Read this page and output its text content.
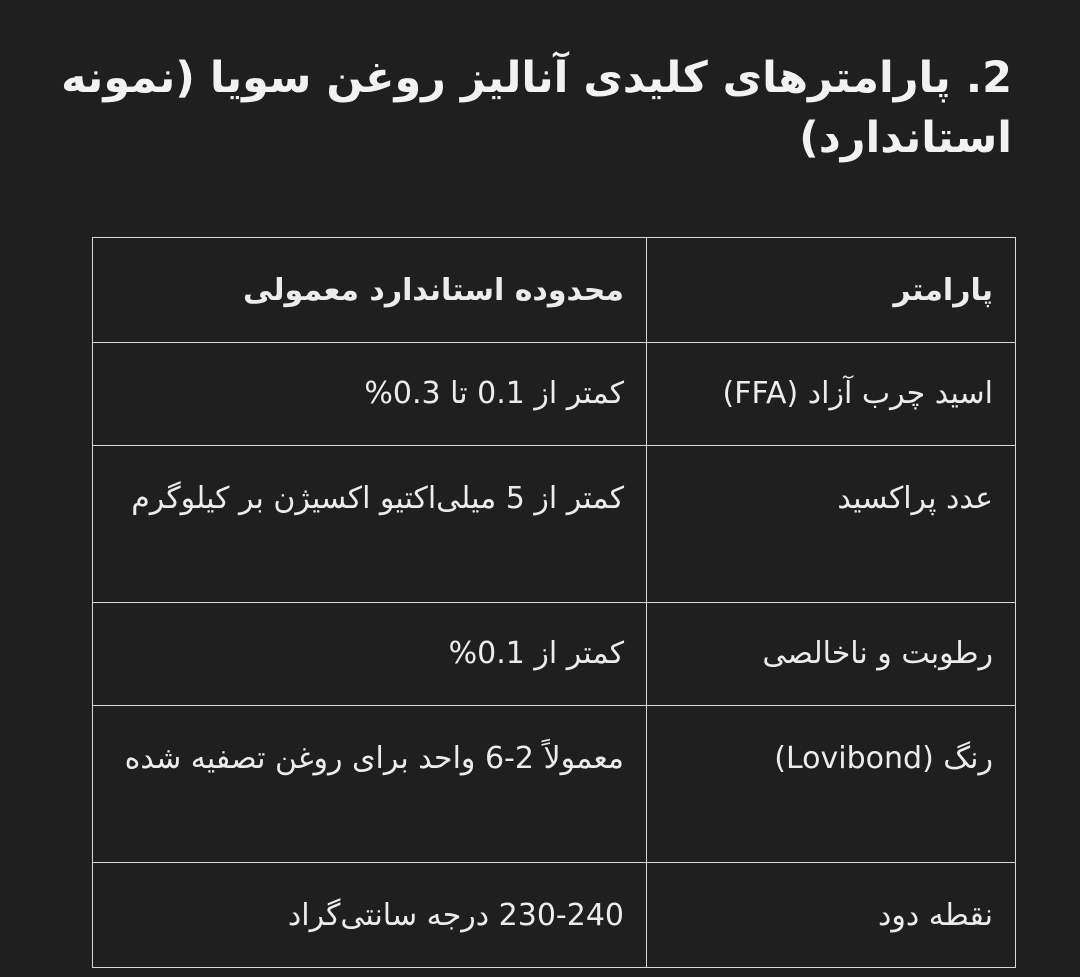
2. پارامترهای کلیدی آنالیز روغن سویا (نمونه استاندارد)
پارامتر	محدوده استاندارد معمولی
اسید چرب آزاد (FFA)	کمتر از 0.1 تا 0.3%
عدد پراکسید	کمتر از 5 میلی‌اکتیو اکسیژن بر کیلوگرم
رطوبت و ناخالصی	کمتر از 0.1%
رنگ (Lovibond)	معمولاً 2-6 واحد برای روغن تصفیه شده
نقطه دود	230-240 درجه سانتی‌گراد
